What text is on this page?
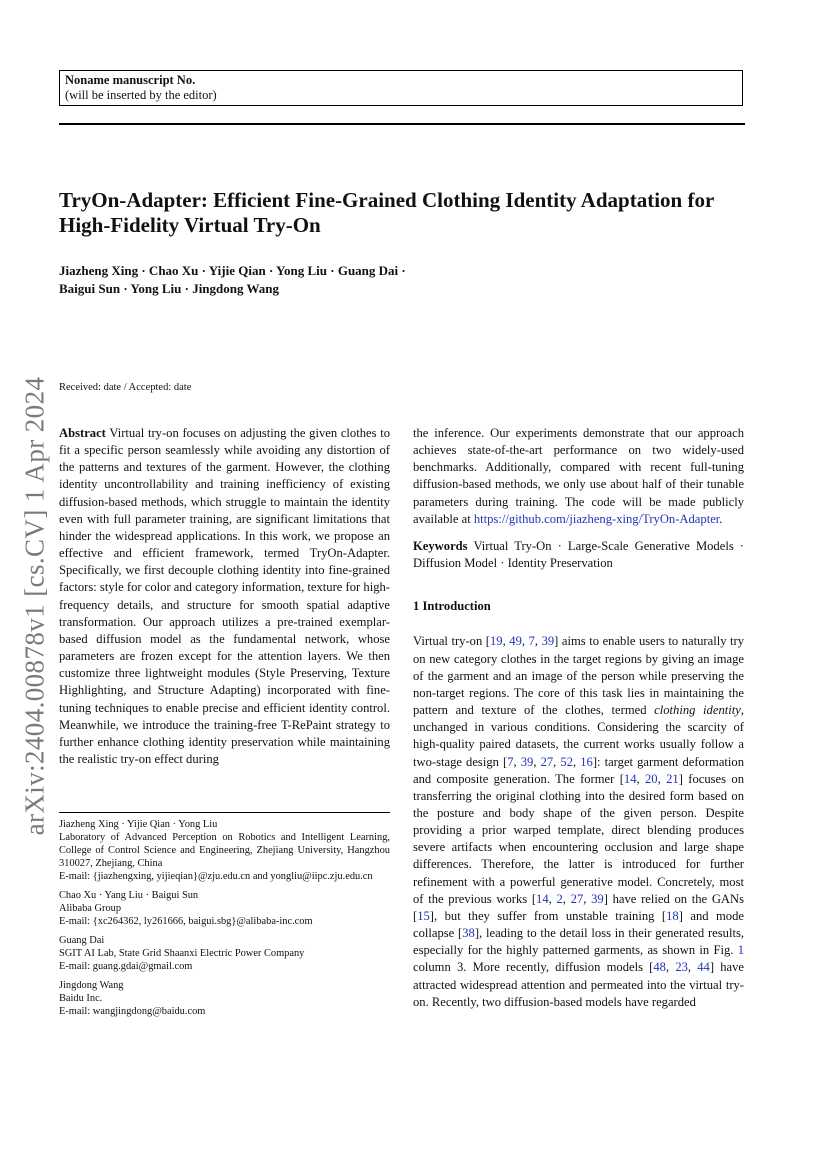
Noname manuscript No.
(will be inserted by the editor)
TryOn-Adapter: Efficient Fine-Grained Clothing Identity Adaptation for High-Fidelity Virtual Try-On
Jiazheng Xing · Chao Xu · Yijie Qian · Yong Liu · Guang Dai ·
Baigui Sun · Yong Liu · Jingdong Wang
arXiv:2404.00878v1 [cs.CV] 1 Apr 2024 Received: date / Accepted: date
Abstract Virtual try-on focuses on adjusting the given clothes to fit a specific person seamlessly while avoiding any distortion of the patterns and textures of the garment. However, the clothing identity uncontrollability and training inefficiency of existing diffusion-based methods, which struggle to maintain the identity even with full parameter training, are significant limitations that hinder the widespread applications. In this work, we propose an effective and efficient framework, termed TryOn-Adapter. Specifically, we first decouple clothing identity into fine-grained factors: style for color and category information, texture for high-frequency details, and structure for smooth spatial adaptive transformation. Our approach utilizes a pre-trained exemplar-based diffusion model as the fundamental network, whose parameters are frozen except for the attention layers. We then customize three lightweight modules (Style Preserving, Texture Highlighting, and Structure Adapting) incorporated with fine-tuning techniques to enable precise and efficient identity control. Meanwhile, we introduce the training-free T-RePaint strategy to further enhance clothing identity preservation while maintaining the realistic try-on effect during
Jiazheng Xing · Yijie Qian · Yong Liu
Laboratory of Advanced Perception on Robotics and Intelligent Learning, College of Control Science and Engineering, Zhejiang University, Hangzhou 310027, Zhejiang, China
E-mail: {jiazhengxing, yijieqian}@zju.edu.cn and yongliu@iipc.zju.edu.cn
Chao Xu · Yang Liu · Baigui Sun
Alibaba Group
E-mail: {xc264362, ly261666, baigui.sbg}@alibaba-inc.com
Guang Dai
SGIT AI Lab, State Grid Shaanxi Electric Power Company
E-mail: guang.gdai@gmail.com
Jingdong Wang
Baidu Inc.
E-mail: wangjingdong@baidu.com
the inference. Our experiments demonstrate that our approach achieves state-of-the-art performance on two widely-used benchmarks. Additionally, compared with recent full-tuning diffusion-based methods, we only use about half of their tunable parameters during training. The code will be made publicly available at https://github.com/jiazheng-xing/TryOn-Adapter.
Keywords Virtual Try-On · Large-Scale Generative Models · Diffusion Model · Identity Preservation
1 Introduction
Virtual try-on [19, 49, 7, 39] aims to enable users to naturally try on new category clothes in the target regions by giving an image of the garment and an image of the person while preserving the non-target regions. The core of this task lies in maintaining the pattern and texture of the clothes, termed clothing identity, unchanged in various conditions. Considering the scarcity of high-quality paired datasets, the current works usually follow a two-stage design [7, 39, 27, 52, 16]: target garment deformation and composite generation. The former [14, 20, 21] focuses on transferring the original clothing into the desired form based on the posture and body shape of the given person. Despite providing a prior warped template, direct blending produces severe artifacts when encountering occlusion and large shape differences. Therefore, the latter is introduced for further refinement with a powerful generative model. Concretely, most of the previous works [14, 2, 27, 39] have relied on the GANs [15], but they suffer from unstable training [18] and mode collapse [38], leading to the detail loss in their generated results, especially for the highly patterned garments, as shown in Fig. 1 column 3. More recently, diffusion models [48, 23, 44] have attracted widespread attention and permeated into the virtual try-on. Recently, two diffusion-based models have regarded
